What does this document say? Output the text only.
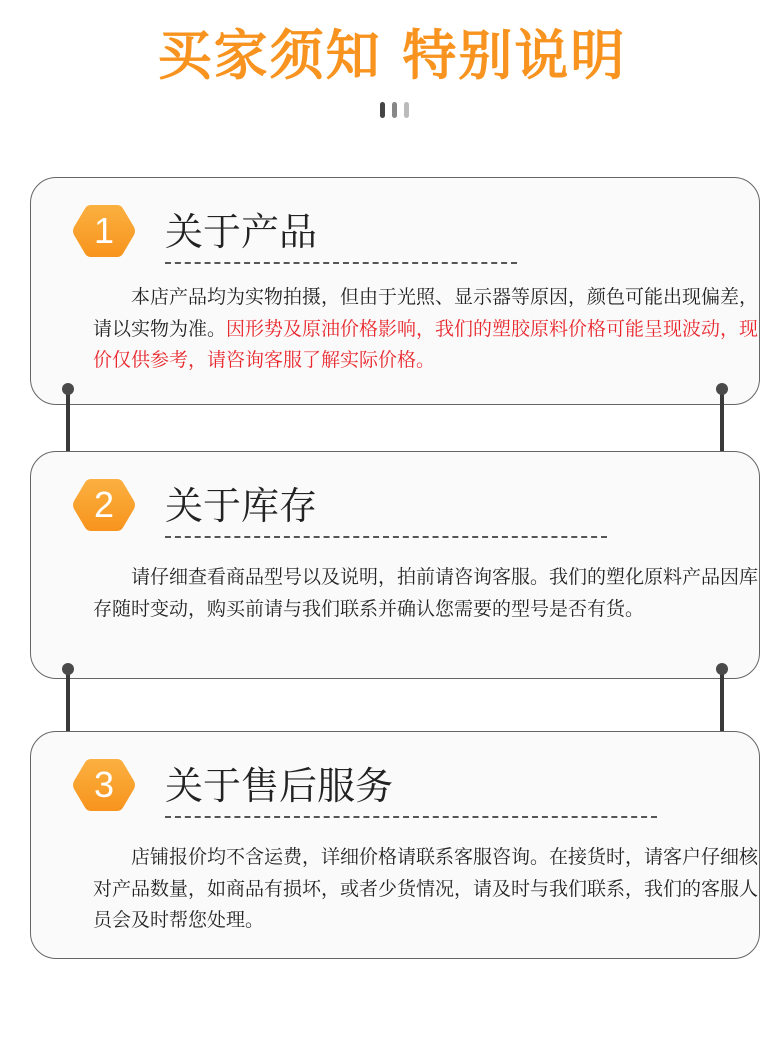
买家须知 特别说明
1	关于产品
本店产品均为实物拍摄，但由于光照、显示器等原因，颜色可能出现偏差，请以实物为准。因形势及原油价格影响，我们的塑胶原料价格可能呈现波动，现价仅供参考，请咨询客服了解实际价格。
2	关于库存
请仔细查看商品型号以及说明，拍前请咨询客服。我们的塑化原料产品因库存随时变动，购买前请与我们联系并确认您需要的型号是否有货。
3	关于售后服务
店铺报价均不含运费，详细价格请联系客服咨询。在接货时，请客户仔细核对产品数量，如商品有损坏，或者少货情况，请及时与我们联系，我们的客服人员会及时帮您处理。
